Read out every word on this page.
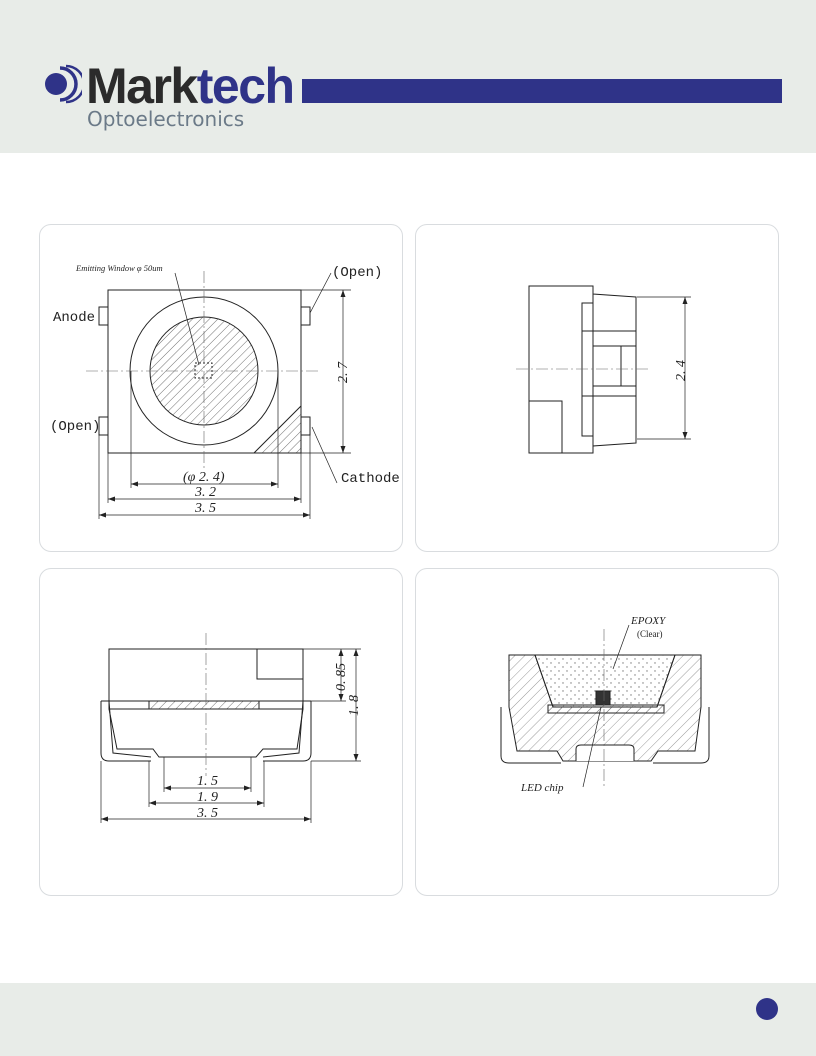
Marktech
Optoelectronics
Emitting Window φ 50um	(Open)
Anode
(Open)
Cathode
2. 7
(φ 2. 4)
3. 2
3. 5
2. 4
0. 85
1. 8
1. 5
1. 9
3. 5
EPOXY
(Clear)
LED chip
